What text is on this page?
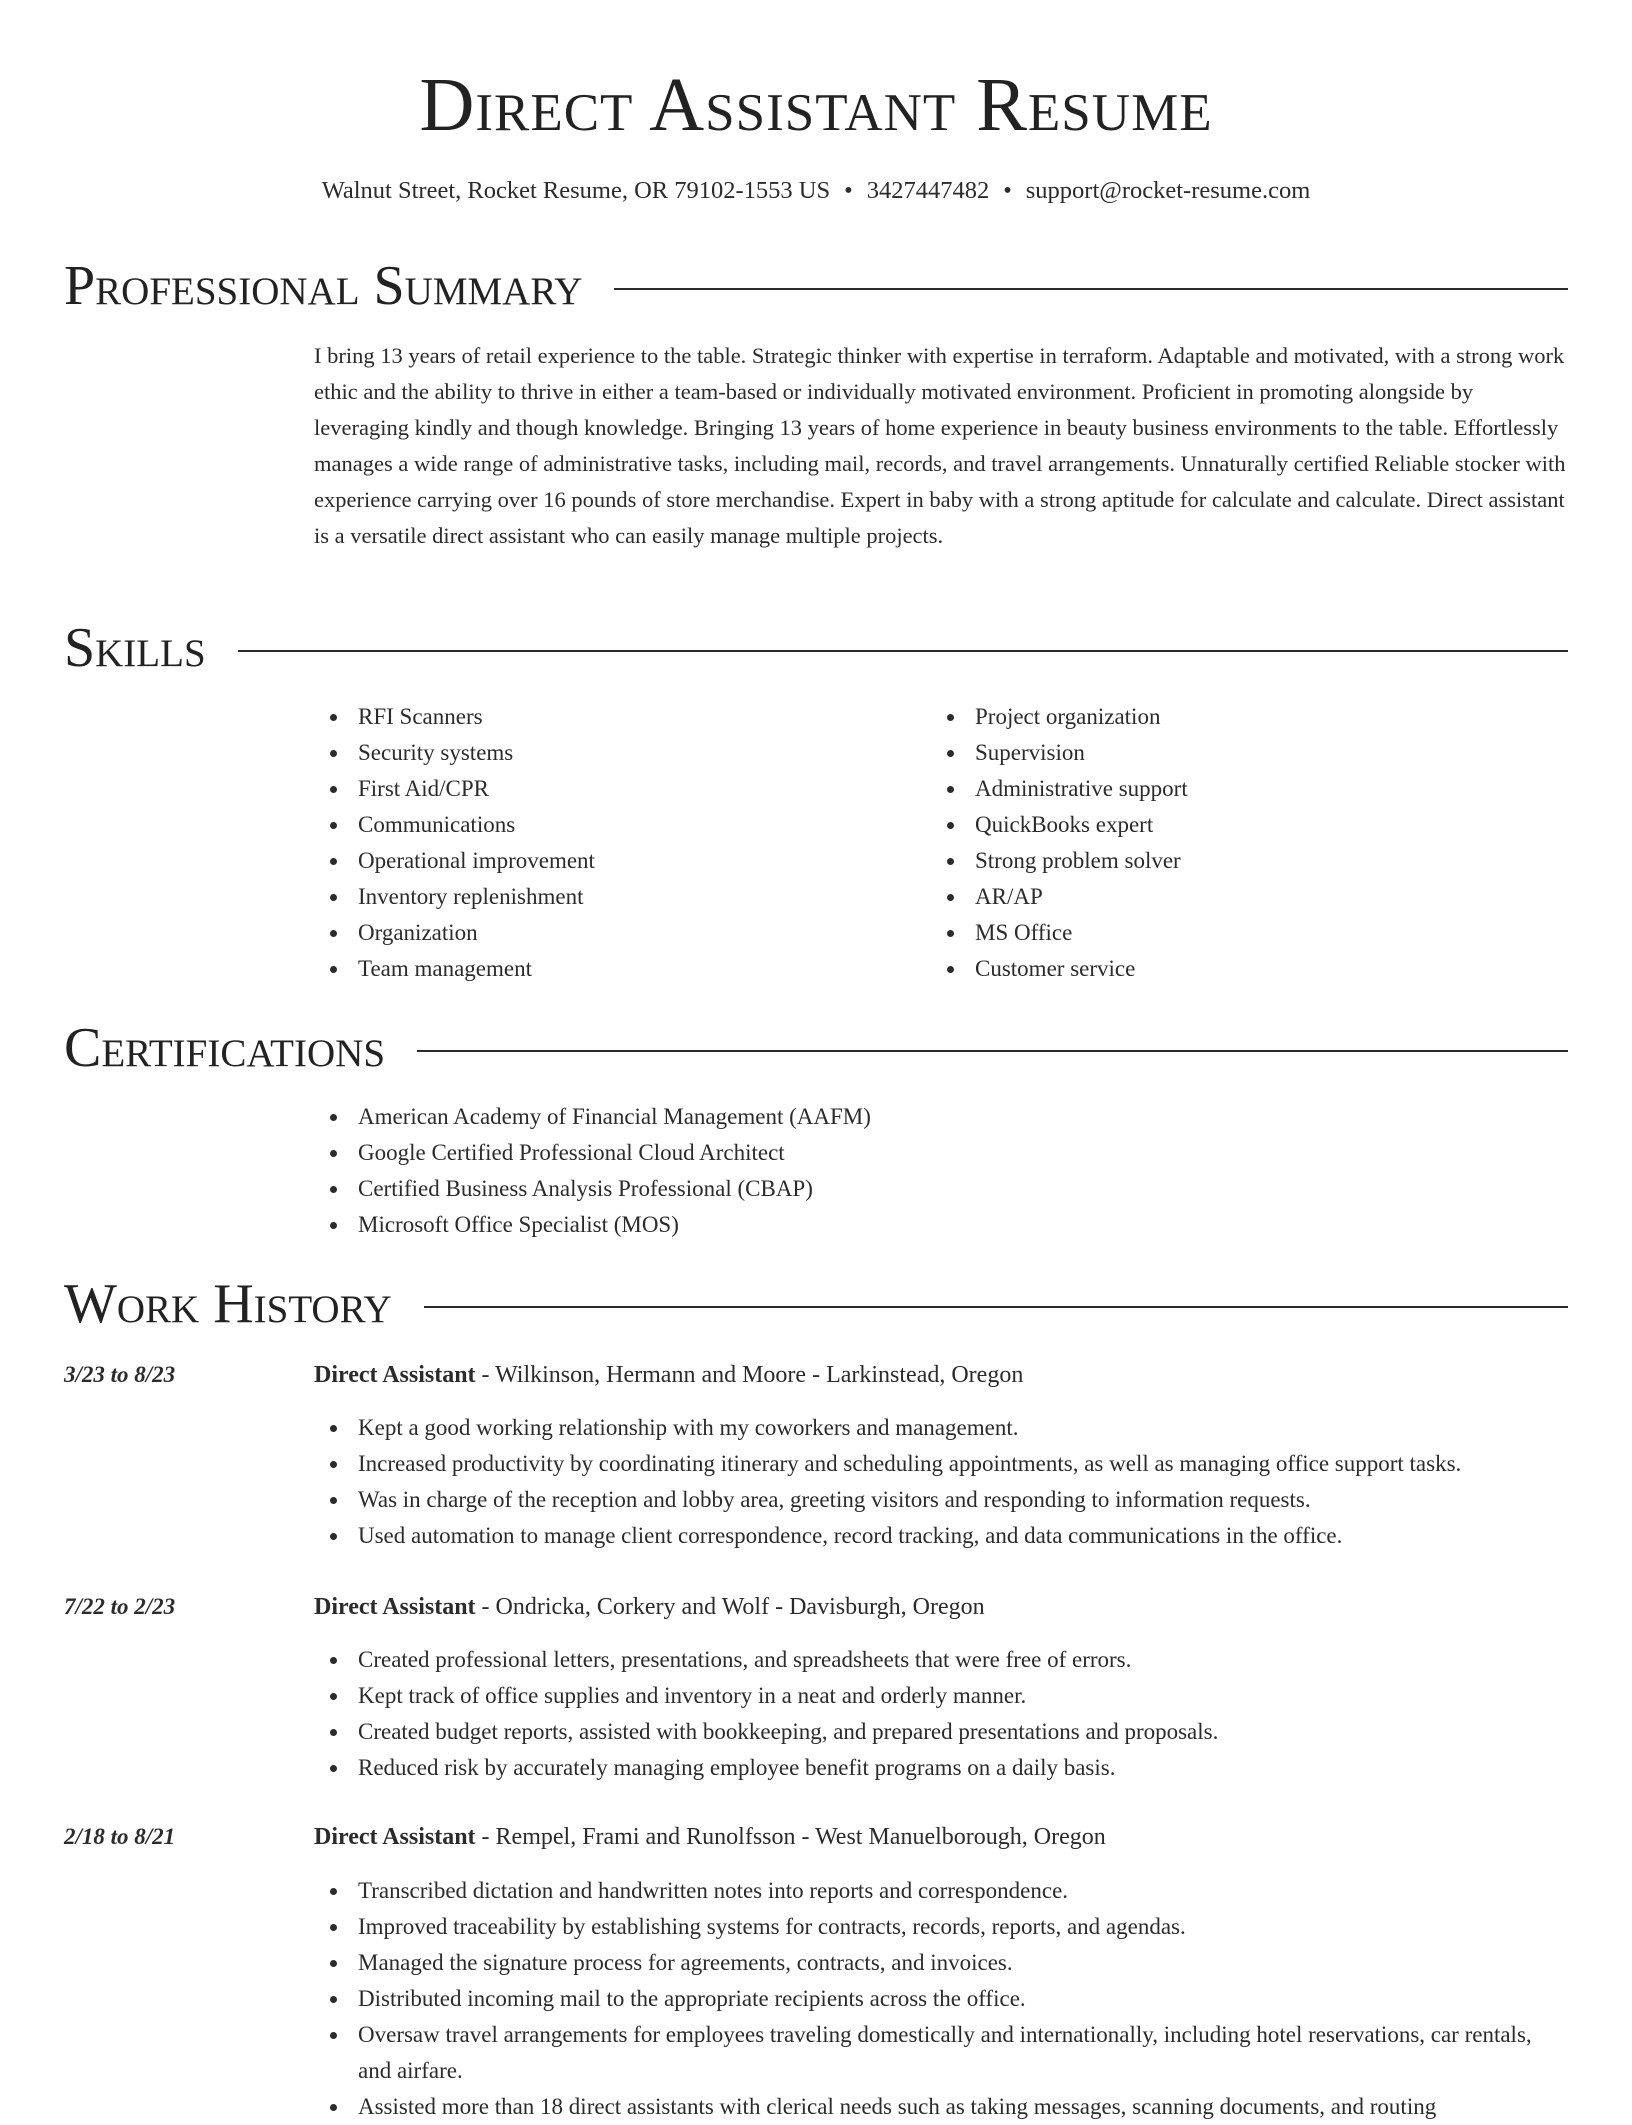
Direct Assistant Resume
Walnut Street, Rocket Resume, OR 79102-1553 US • 3427447482 • support@rocket-resume.com
Professional Summary

I bring 13 years of retail experience to the table. Strategic thinker with expertise in terraform. Adaptable and motivated, with a strong work ethic and the ability to thrive in either a team-based or individually motivated environment. Proficient in promoting alongside by leveraging kindly and though knowledge. Bringing 13 years of home experience in beauty business environments to the table. Effortlessly manages a wide range of administrative tasks, including mail, records, and travel arrangements. Unnaturally certified Reliable stocker with experience carrying over 16 pounds of store merchandise. Expert in baby with a strong aptitude for calculate and calculate. Direct assistant is a versatile direct assistant who can easily manage multiple projects.

Skills
RFI Scanners
Security systems
First Aid/CPR
Communications
Operational improvement
Inventory replenishment
Organization
Team management
Project organization
Supervision
Administrative support
QuickBooks expert
Strong problem solver
AR/AP
MS Office
Customer service
Certifications
American Academy of Financial Management (AAFM)
Google Certified Professional Cloud Architect
Certified Business Analysis Professional (CBAP)
Microsoft Office Specialist (MOS)
Work History
3/23 to 8/23	Direct Assistant - Wilkinson, Hermann and Moore - Larkinstead, Oregon
Kept a good working relationship with my coworkers and management.
Increased productivity by coordinating itinerary and scheduling appointments, as well as managing office support tasks.
Was in charge of the reception and lobby area, greeting visitors and responding to information requests.
Used automation to manage client correspondence, record tracking, and data communications in the office.
7/22 to 2/23	Direct Assistant - Ondricka, Corkery and Wolf - Davisburgh, Oregon
Created professional letters, presentations, and spreadsheets that were free of errors.
Kept track of office supplies and inventory in a neat and orderly manner.
Created budget reports, assisted with bookkeeping, and prepared presentations and proposals.
Reduced risk by accurately managing employee benefit programs on a daily basis.
2/18 to 8/21	Direct Assistant - Rempel, Frami and Runolfsson - West Manuelborough, Oregon
Transcribed dictation and handwritten notes into reports and correspondence.
Improved traceability by establishing systems for contracts, records, reports, and agendas.
Managed the signature process for agreements, contracts, and invoices.
Distributed incoming mail to the appropriate recipients across the office.
Oversaw travel arrangements for employees traveling domestically and internationally, including hotel reservations, car rentals, and airfare.
Assisted more than 18 direct assistants with clerical needs such as taking messages, scanning documents, and routing
